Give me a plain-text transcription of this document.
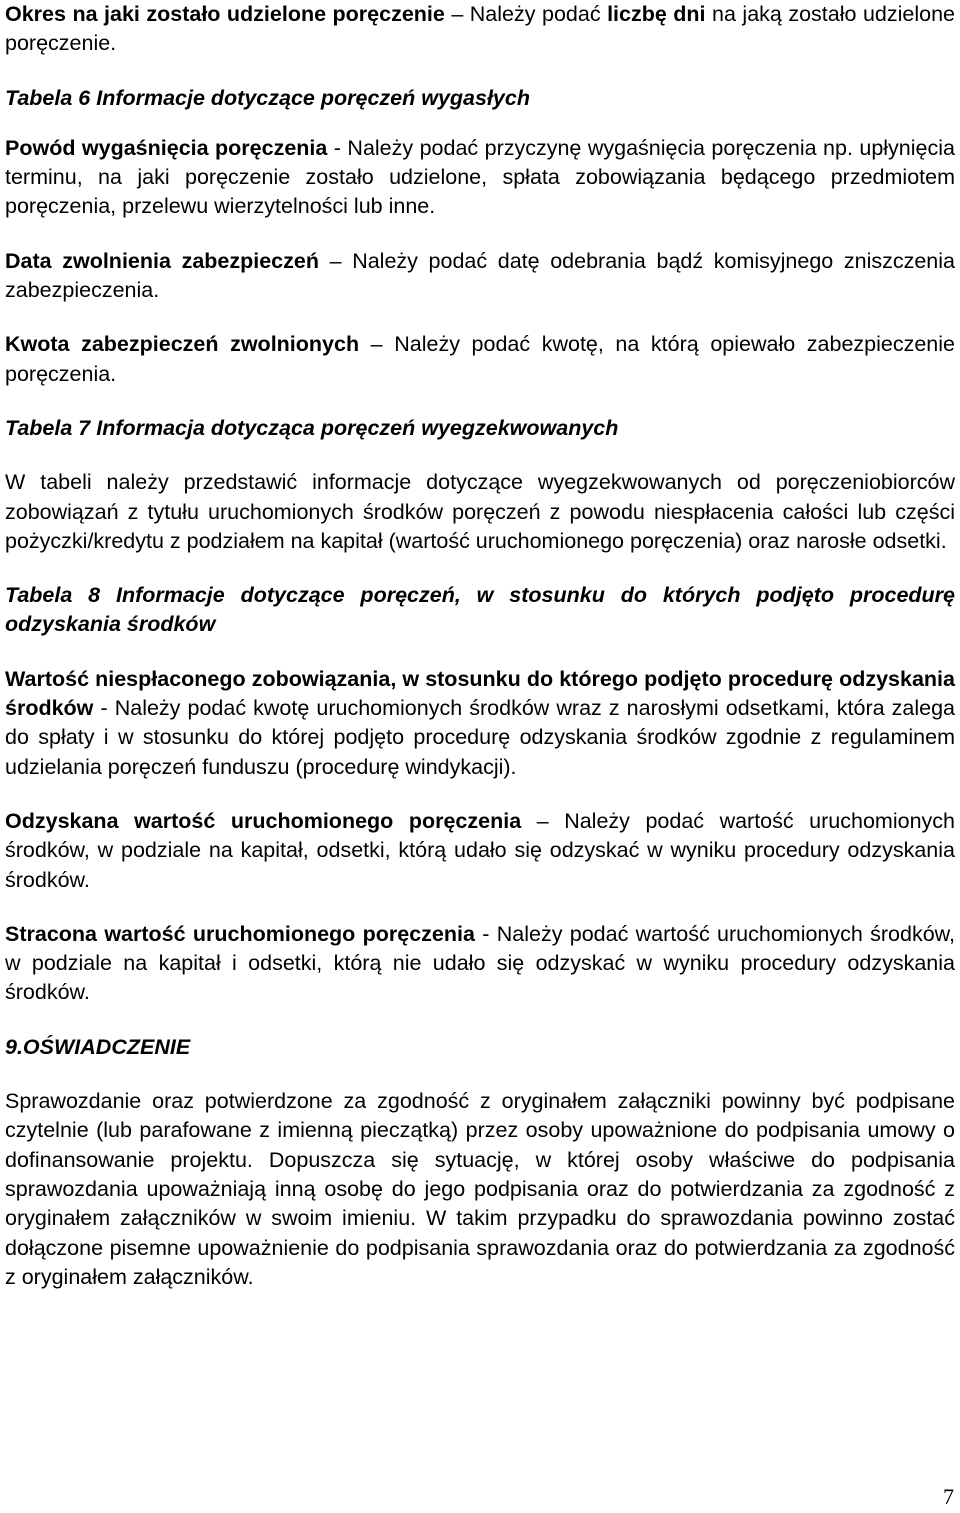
Okres na jaki zostało udzielone poręczenie – Należy podać liczbę dni na jaką zostało udzielone poręczenie.

Tabela 6 Informacje dotyczące poręczeń wygasłych

Powód wygaśnięcia poręczenia - Należy podać przyczynę wygaśnięcia poręczenia np. upłynięcia terminu, na jaki poręczenie zostało udzielone, spłata zobowiązania będącego przedmiotem poręczenia, przelewu wierzytelności lub inne.

Data zwolnienia zabezpieczeń – Należy podać datę odebrania bądź komisyjnego zniszczenia zabezpieczenia.

Kwota zabezpieczeń zwolnionych – Należy podać kwotę, na którą opiewało zabezpieczenie poręczenia.

Tabela 7 Informacja dotycząca poręczeń wyegzekwowanych

W tabeli należy przedstawić informacje dotyczące wyegzekwowanych od poręczeniobiorców zobowiązań z tytułu uruchomionych środków poręczeń z powodu niespłacenia całości lub części pożyczki/kredytu z podziałem na kapitał (wartość uruchomionego poręczenia) oraz narosłe odsetki.

Tabela 8 Informacje dotyczące poręczeń, w stosunku do których podjęto procedurę odzyskania środków

Wartość niespłaconego zobowiązania, w stosunku do którego podjęto procedurę odzyskania środków - Należy podać kwotę uruchomionych środków wraz z narosłymi odsetkami, która zalega do spłaty i w stosunku do której podjęto procedurę odzyskania środków zgodnie z regulaminem udzielania poręczeń funduszu (procedurę windykacji).

Odzyskana wartość uruchomionego poręczenia – Należy podać wartość uruchomionych środków, w podziale na kapitał, odsetki, którą udało się odzyskać w wyniku procedury odzyskania środków.

Stracona wartość uruchomionego poręczenia - Należy podać wartość uruchomionych środków, w podziale na kapitał i odsetki, którą nie udało się odzyskać w wyniku procedury odzyskania środków.

9.OŚWIADCZENIE

Sprawozdanie oraz potwierdzone za zgodność z oryginałem załączniki powinny być podpisane czytelnie (lub parafowane z imienną pieczątką) przez osoby upoważnione do podpisania umowy o dofinansowanie projektu. Dopuszcza się sytuację, w której osoby właściwe do podpisania sprawozdania upoważniają inną osobę do jego podpisania oraz do potwierdzania za zgodność z oryginałem załączników w swoim imieniu. W takim przypadku do sprawozdania powinno zostać dołączone pisemne upoważnienie do podpisania sprawozdania oraz do potwierdzania za zgodność z oryginałem załączników.

7
